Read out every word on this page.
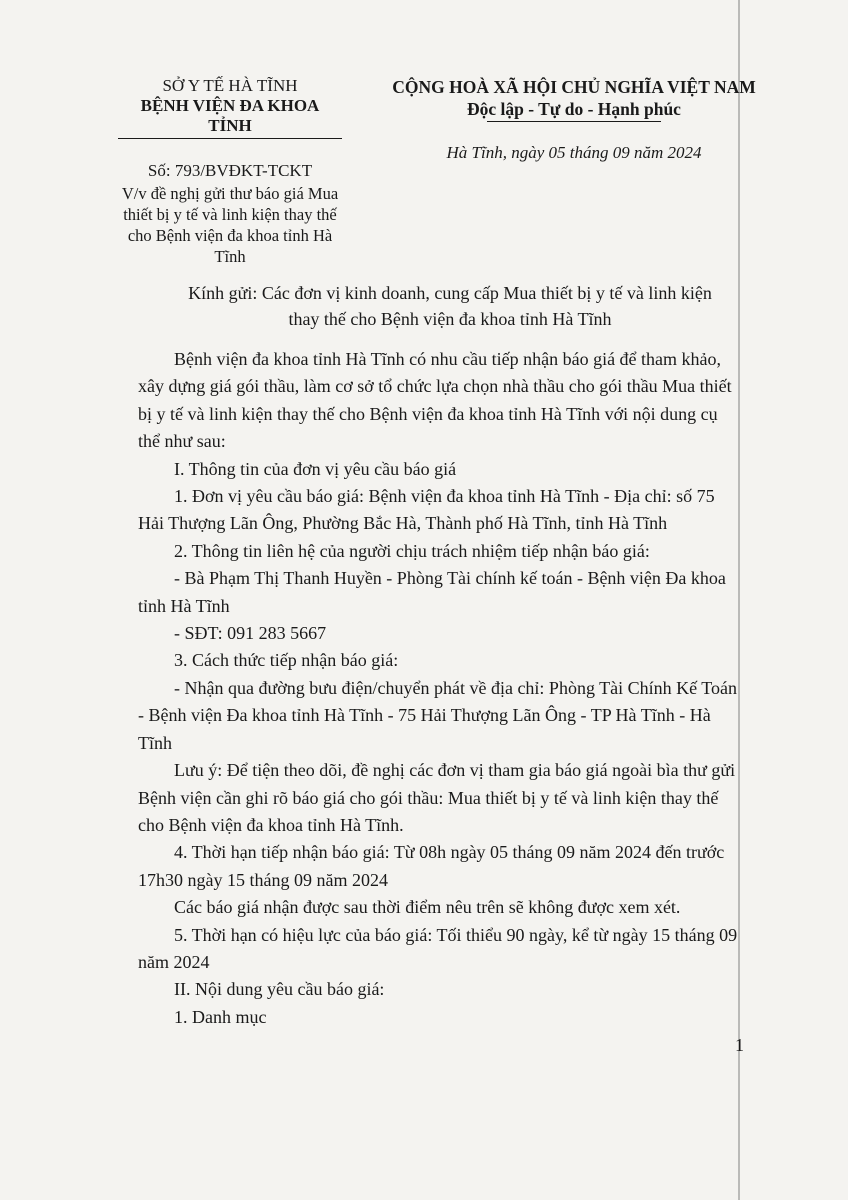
SỞ Y TẾ HÀ TĨNH
BỆNH VIỆN ĐA KHOA TỈNH
Số: 793/BVĐKT-TCKT
V/v đề nghị gửi thư báo giá Mua thiết bị y tế và linh kiện thay thế cho Bệnh viện đa khoa tỉnh Hà Tĩnh
CỘNG HOÀ XÃ HỘI CHỦ NGHĨA VIỆT NAM
Độc lập - Tự do - Hạnh phúc
Hà Tĩnh, ngày 05 tháng 09 năm 2024
Kính gửi: Các đơn vị kinh doanh, cung cấp Mua thiết bị y tế và linh kiện
thay thế cho Bệnh viện đa khoa tỉnh Hà Tĩnh

Bệnh viện đa khoa tỉnh Hà Tĩnh có nhu cầu tiếp nhận báo giá để tham khảo, xây dựng giá gói thầu, làm cơ sở tổ chức lựa chọn nhà thầu cho gói thầu Mua thiết bị y tế và linh kiện thay thế cho Bệnh viện đa khoa tỉnh Hà Tĩnh với nội dung cụ thể như sau:

I. Thông tin của đơn vị yêu cầu báo giá

1. Đơn vị yêu cầu báo giá: Bệnh viện đa khoa tỉnh Hà Tĩnh - Địa chỉ: số 75 Hải Thượng Lãn Ông, Phường Bắc Hà, Thành phố Hà Tĩnh, tỉnh Hà Tĩnh

2. Thông tin liên hệ của người chịu trách nhiệm tiếp nhận báo giá:

- Bà Phạm Thị Thanh Huyền - Phòng Tài chính kế toán - Bệnh viện Đa khoa tỉnh Hà Tĩnh

- SĐT: 091 283 5667

3. Cách thức tiếp nhận báo giá:

- Nhận qua đường bưu điện/chuyển phát về địa chỉ: Phòng Tài Chính Kế Toán - Bệnh viện Đa khoa tỉnh Hà Tĩnh - 75 Hải Thượng Lãn Ông - TP Hà Tĩnh - Hà Tĩnh

Lưu ý: Để tiện theo dõi, đề nghị các đơn vị tham gia báo giá ngoài bìa thư gửi Bệnh viện cần ghi rõ báo giá cho gói thầu: Mua thiết bị y tế và linh kiện thay thế cho Bệnh viện đa khoa tỉnh Hà Tĩnh.

4. Thời hạn tiếp nhận báo giá: Từ 08h ngày 05 tháng 09 năm 2024 đến trước 17h30 ngày 15 tháng 09 năm 2024

Các báo giá nhận được sau thời điểm nêu trên sẽ không được xem xét.

5. Thời hạn có hiệu lực của báo giá: Tối thiểu 90 ngày, kể từ ngày 15 tháng 09 năm 2024

II. Nội dung yêu cầu báo giá:

1. Danh mục

1
